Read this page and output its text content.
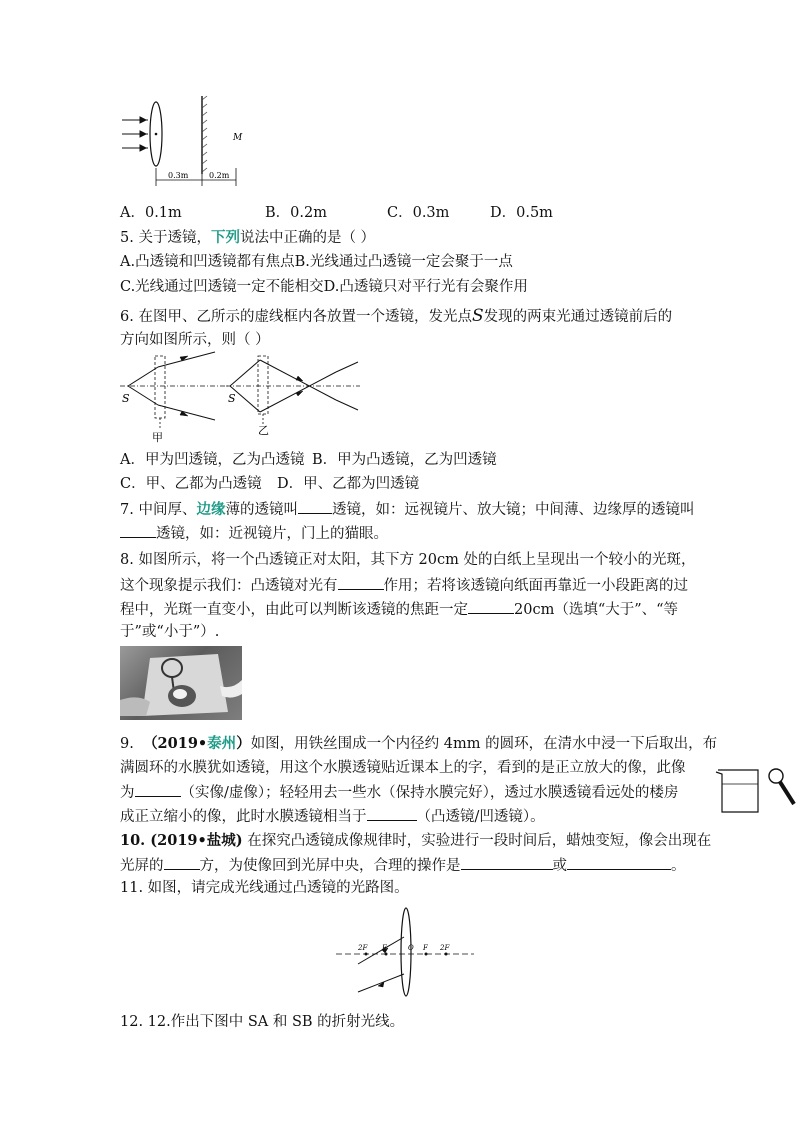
M
0.3m	0.2m
A．0.1m	B．0.2m	C．0.3m	D．0.5m
5. 关于透镜，下列说法中正确的是（ ）
A.凸透镜和凹透镜都有焦点B.光线通过凸透镜一定会聚于一点
C.光线通过凹透镜一定不能相交D.凸透镜只对平行光有会聚作用
6. 在图甲、乙所示的虚线框内各放置一个透镜，发光点S发现的两束光通过透镜前后的
方向如图所示，则（ ）
S
甲
S
乙
A．甲为凹透镜，乙为凸透镜 B．甲为凸透镜，乙为凹透镜
C．甲、乙都为凸透镜 D．甲、乙都为凹透镜
7. 中间厚、边缘薄的透镜叫 透镜，如：远视镜片、放大镜；中间薄、边缘厚的透镜叫
透镜，如：近视镜片，门上的猫眼。
8. 如图所示，将一个凸透镜正对太阳，其下方 20cm 处的白纸上呈现出一个较小的光斑，
这个现象提示我们：凸透镜对光有	作用；若将该透镜向纸面再靠近一小段距离的过
程中，光斑一直变小，由此可以判断该透镜的焦距一定	20cm（选填“大于”、“等
于”或“小于”）.
9. （2019•泰州）如图，用铁丝围成一个内径约 4mm 的圆环，在清水中浸一下后取出，布
满圆环的水膜犹如透镜，用这个水膜透镜贴近课本上的字，看到的是正立放大的像，此像
为	（实像/虚像）；轻轻用去一些水（保持水膜完好），透过水膜透镜看远处的楼房
成正立缩小的像，此时水膜透镜相当于	（凸透镜/凹透镜）。
10. (2019•盐城) 在探究凸透镜成像规律时，实验进行一段时间后，蜡烛变短，像会出现在
光屏的 方，为使像回到光屏中央，合理的操作是	或	。
11. 如图，请完成光线通过凸透镜的光路图。
2F F	O F 2F
12. 12.作出下图中 SA 和 SB 的折射光线。
